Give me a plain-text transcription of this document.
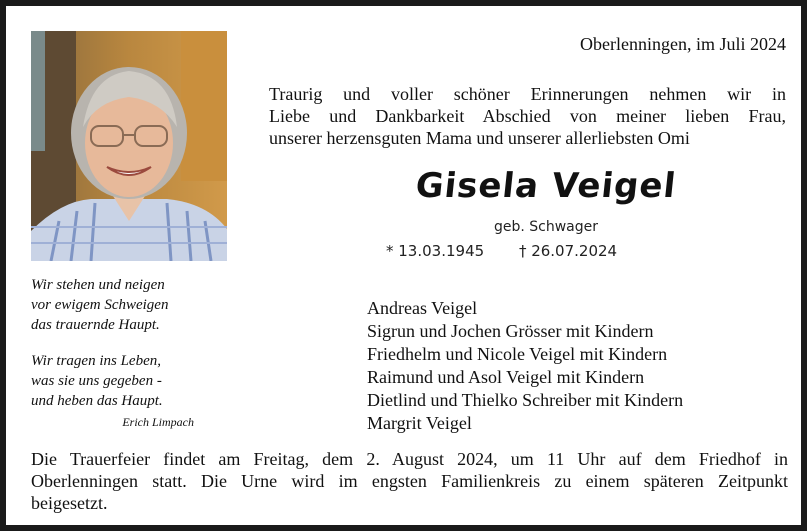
Oberlenningen, im Juli 2024
Traurig und voller schöner Erinnerungen nehmen wir in
Liebe und Dankbarkeit Abschied von meiner lieben Frau,
unserer herzensguten Mama und unserer allerliebsten Omi
Gisela Veigel
geb. Schwager
* 13.03.1945 † 26.07.2024
Wir stehen und neigen
vor ewigem Schweigen
das trauernde Haupt.
Wir tragen ins Leben,
was sie uns gegeben -
und heben das Haupt.
Erich Limpach
Andreas Veigel
Sigrun und Jochen Grösser mit Kindern
Friedhelm und Nicole Veigel mit Kindern
Raimund und Asol Veigel mit Kindern
Dietlind und Thielko Schreiber mit Kindern
Margrit Veigel
Die Trauerfeier findet am Freitag, dem 2. August 2024, um 11 Uhr auf dem Friedhof in
Oberlenningen statt. Die Urne wird im engsten Familienkreis zu einem späteren Zeitpunkt
beigesetzt.
